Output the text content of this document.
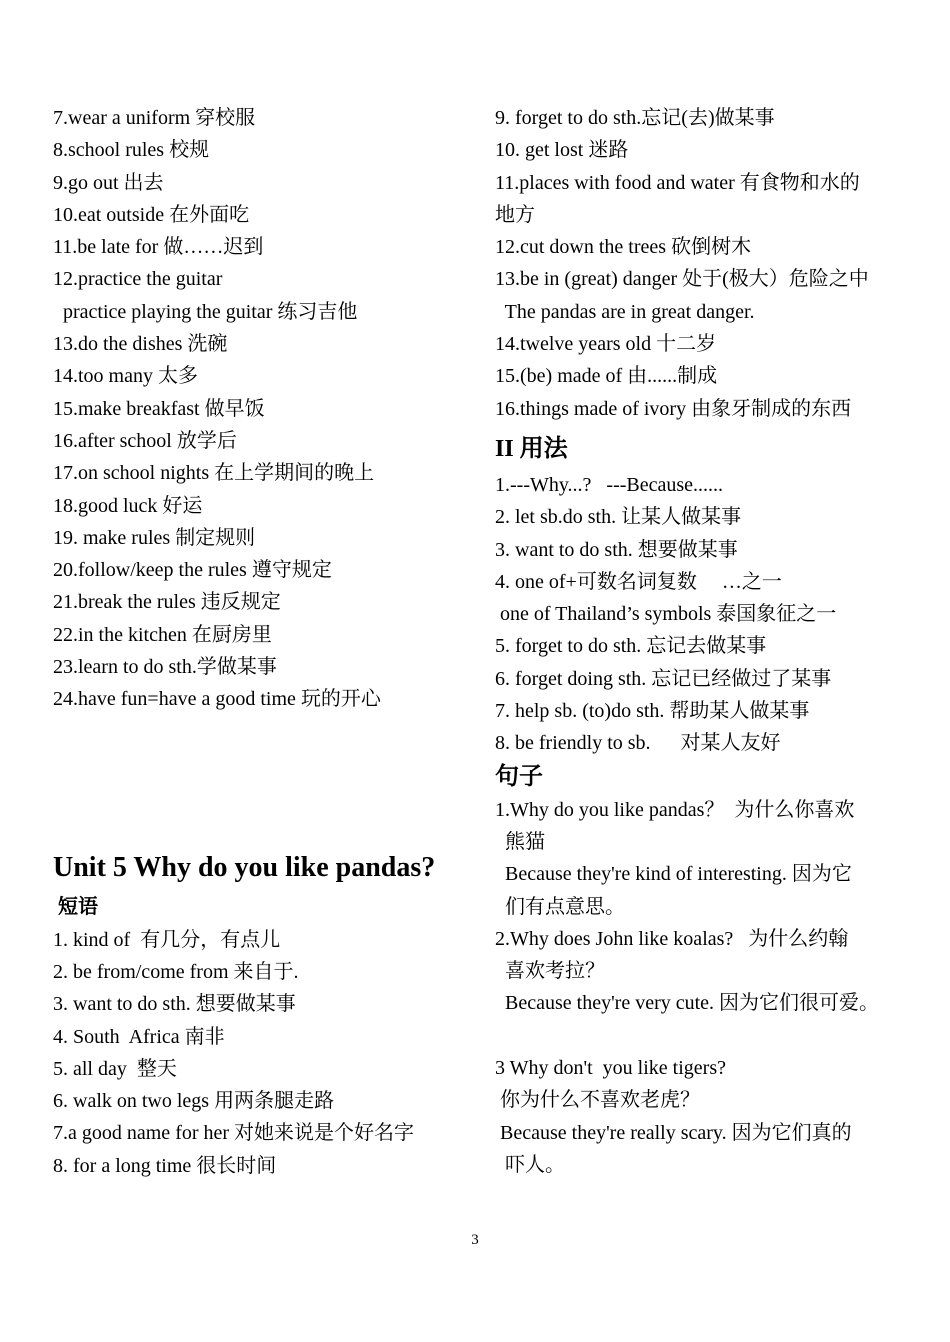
7.wear a uniform 穿校服
8.school rules 校规
9.go out 出去
10.eat outside 在外面吃
11.be late for 做……迟到
12.practice the guitar
practice playing the guitar 练习吉他
13.do the dishes 洗碗
14.too many 太多
15.make breakfast 做早饭
16.after school 放学后
17.on school nights 在上学期间的晚上
18.good luck 好运
19. make rules 制定规则
20.follow/keep the rules 遵守规定
21.break the rules 违反规定
22.in the kitchen 在厨房里
23.learn to do sth.学做某事
24.have fun=have a good time 玩的开心
Unit 5 Why do you like pandas?
短语
1. kind of  有几分，有点儿
2. be from/come from 来自于.
3. want to do sth. 想要做某事
4. South  Africa 南非
5. all day  整天
6. walk on two legs 用两条腿走路
7.a good name for her 对她来说是个好名字
8. for a long time 很长时间
9. forget to do sth.忘记(去)做某事
10. get lost 迷路
11.places with food and water 有食物和水的
地方
12.cut down the trees 砍倒树木
13.be in (great) danger 处于(极大）危险之中
The pandas are in great danger.
14.twelve years old 十二岁
15.(be) made of 由......制成
16.things made of ivory 由象牙制成的东西
II 用法
1.---Why...?   ---Because......
2. let sb.do sth. 让某人做某事
3. want to do sth. 想要做某事
4. one of+可数名词复数     …之一
one of Thailand’s symbols 泰国象征之一
5. forget to do sth. 忘记去做某事
6. forget doing sth. 忘记已经做过了某事
7. help sb. (to)do sth. 帮助某人做某事
8. be friendly to sb.      对某人友好
句子
1.Why do you like pandas？  为什么你喜欢
熊猫
Because they're kind of interesting. 因为它
们有点意思。
2.Why does John like koalas?   为什么约翰
喜欢考拉？
Because they're very cute. 因为它们很可爱。
3 Why don't  you like tigers?
你为什么不喜欢老虎？
Because they're really scary. 因为它们真的
吓人。
3
